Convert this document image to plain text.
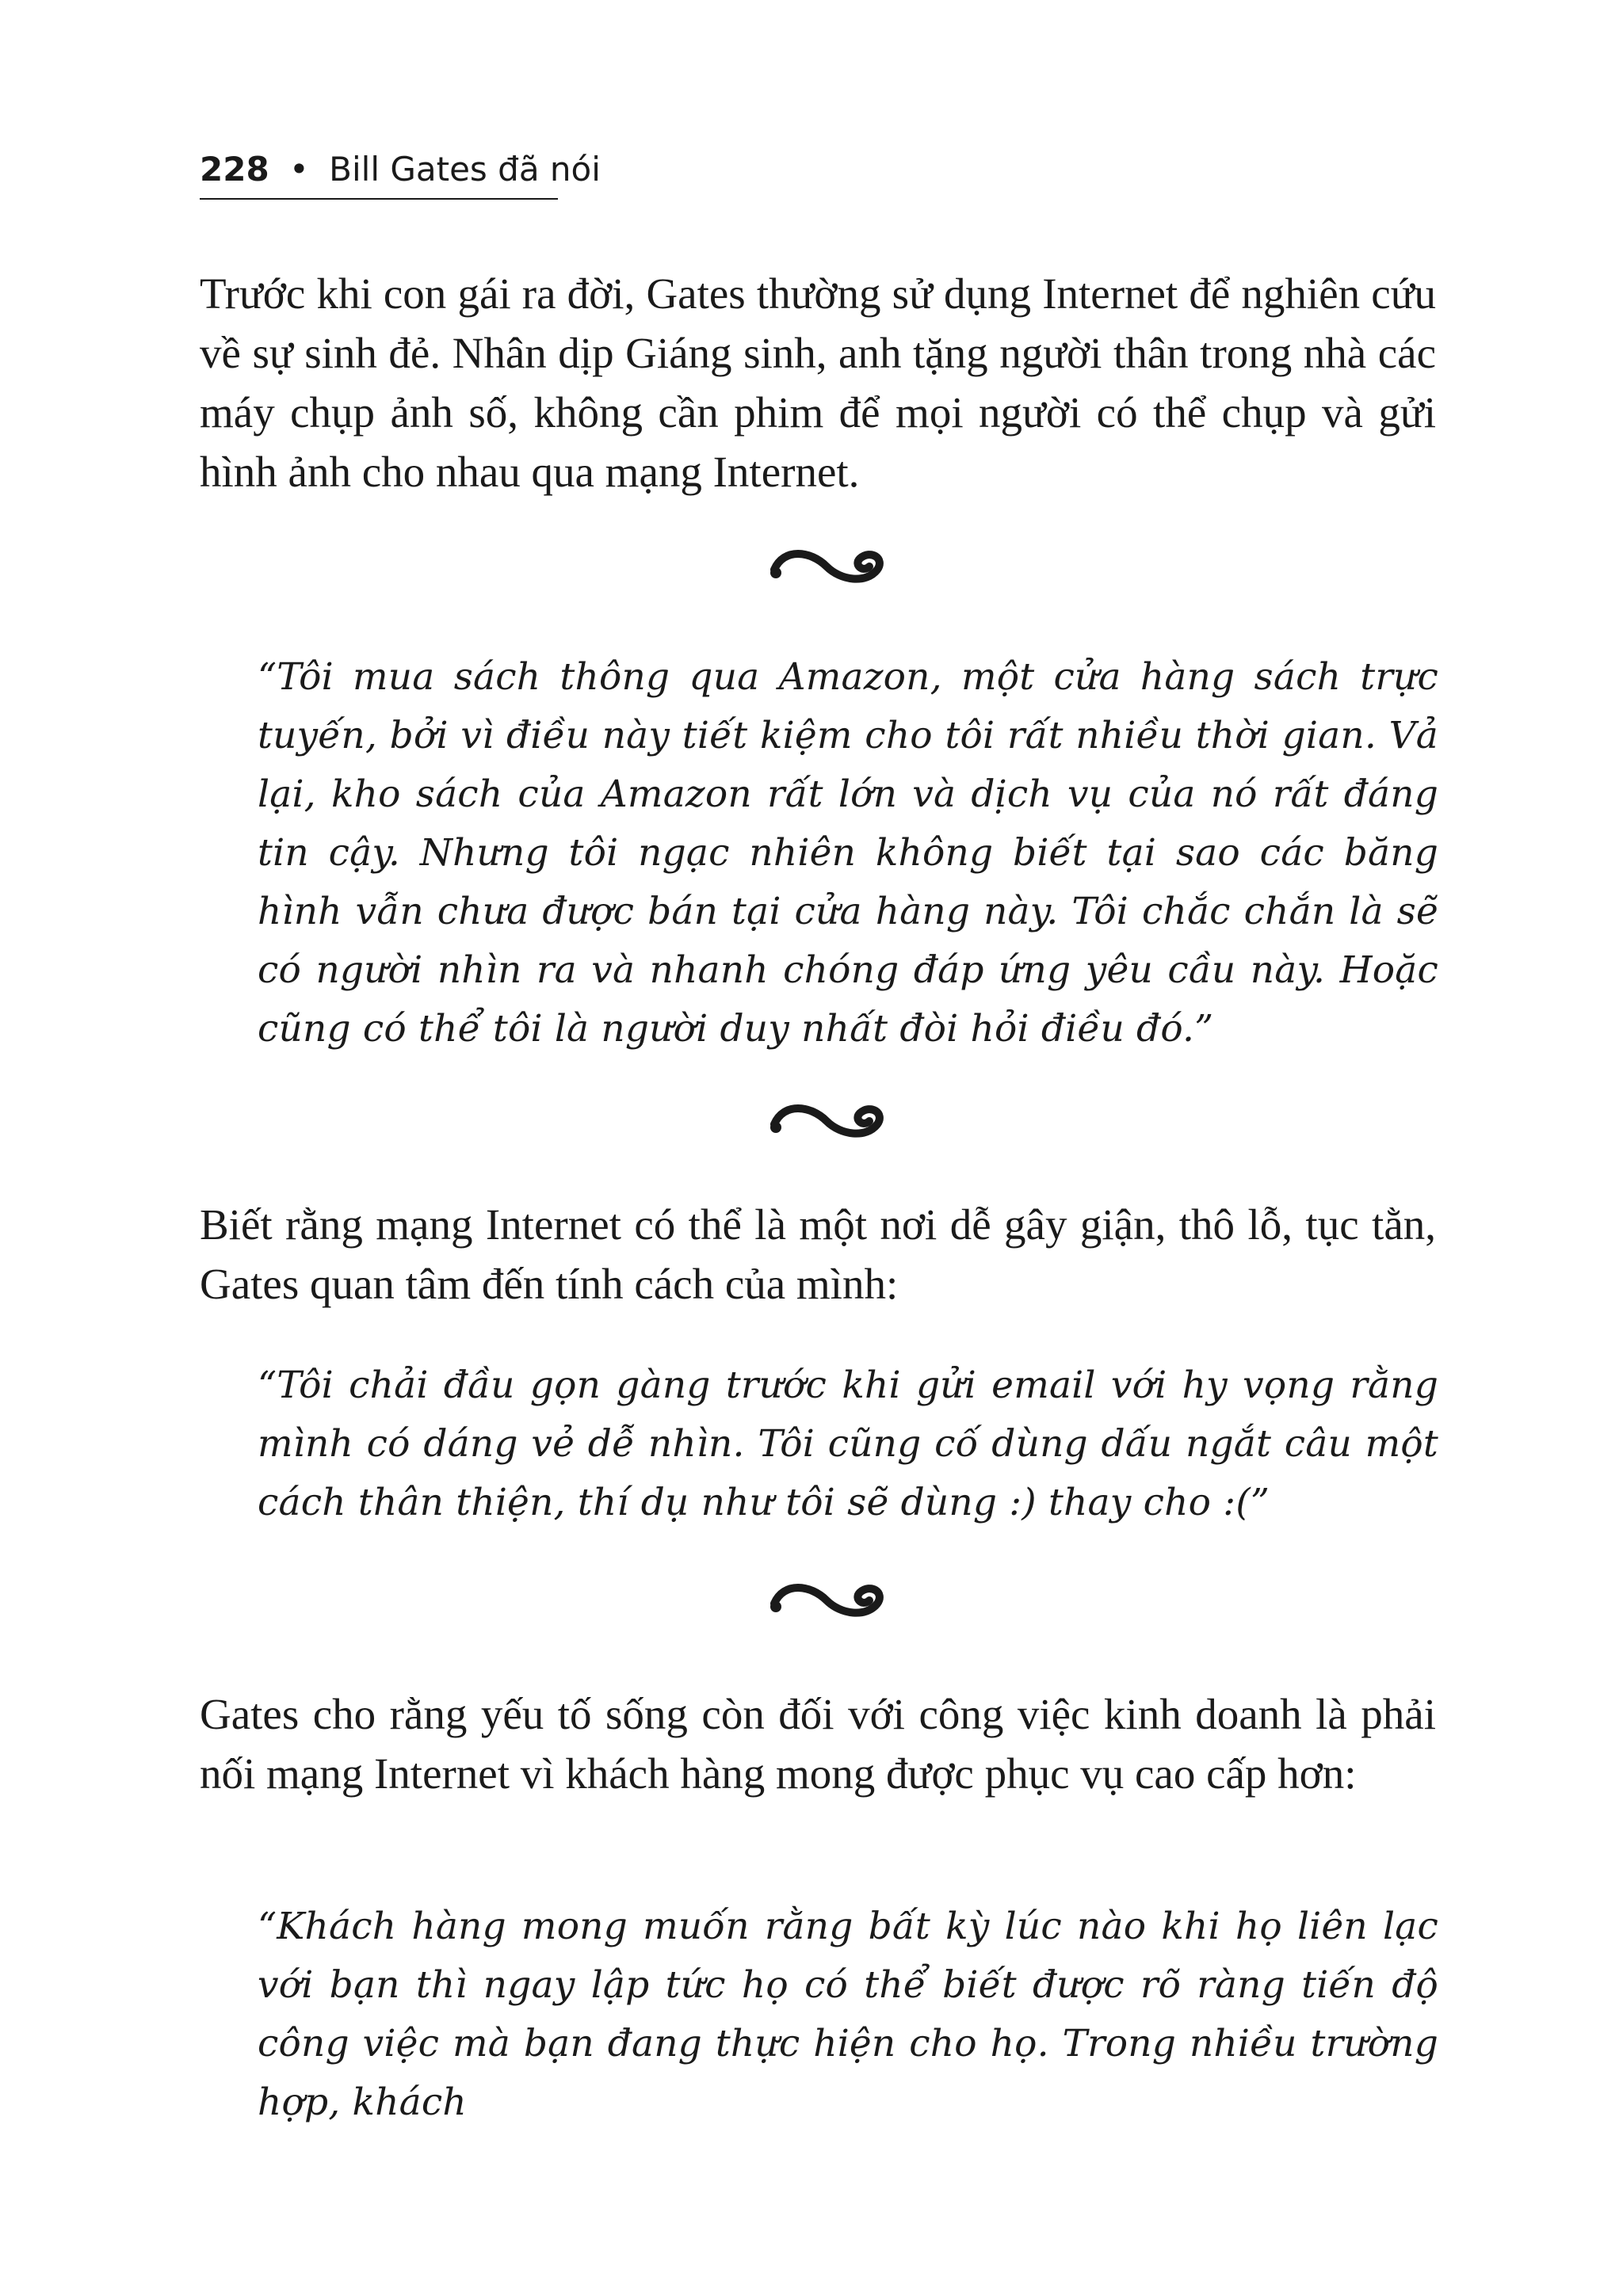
228 • Bill Gates đã nói

Trước khi con gái ra đời, Gates thường sử dụng Internet để nghiên cứu về sự sinh đẻ. Nhân dịp Giáng sinh, anh tặng người thân trong nhà các máy chụp ảnh số, không cần phim để mọi người có thể chụp và gửi hình ảnh cho nhau qua mạng Internet.

“Tôi mua sách thông qua Amazon, một cửa hàng sách trực tuyến, bởi vì điều này tiết kiệm cho tôi rất nhiều thời gian. Vả lại, kho sách của Amazon rất lớn và dịch vụ của nó rất đáng tin cậy. Nhưng tôi ngạc nhiên không biết tại sao các băng hình vẫn chưa được bán tại cửa hàng này. Tôi chắc chắn là sẽ có người nhìn ra và nhanh chóng đáp ứng yêu cầu này. Hoặc cũng có thể tôi là người duy nhất đòi hỏi điều đó.”

Biết rằng mạng Internet có thể là một nơi dễ gây giận, thô lỗ, tục tằn, Gates quan tâm đến tính cách của mình:

“Tôi chải đầu gọn gàng trước khi gửi email với hy vọng rằng mình có dáng vẻ dễ nhìn. Tôi cũng cố dùng dấu ngắt câu một cách thân thiện, thí dụ như tôi sẽ dùng :) thay cho :(”

Gates cho rằng yếu tố sống còn đối với công việc kinh doanh là phải nối mạng Internet vì khách hàng mong được phục vụ cao cấp hơn:

“Khách hàng mong muốn rằng bất kỳ lúc nào khi họ liên lạc với bạn thì ngay lập tức họ có thể biết được rõ ràng tiến độ công việc mà bạn đang thực hiện cho họ. Trong nhiều trường hợp, khách
